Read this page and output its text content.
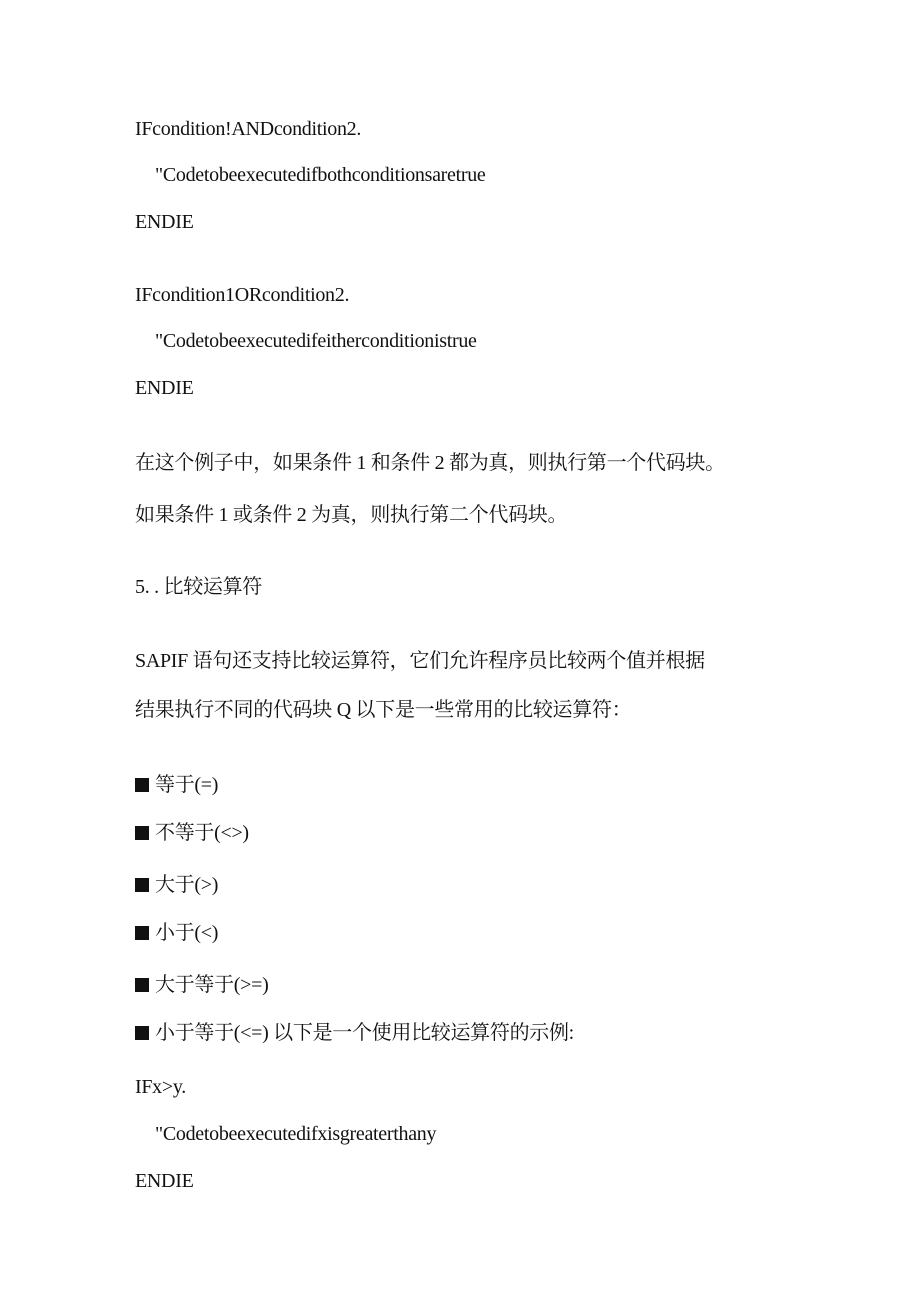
IFcondition!ANDcondition2.
"Codetobeexecutedifbothconditionsaretrue
ENDIE
IFcondition1ORcondition2.
"Codetobeexecutedifeitherconditionistrue
ENDIE
在这个例子中，如果条件 1 和条件 2 都为真，则执行第一个代码块。
如果条件 1 或条件 2 为真，则执行第二个代码块。
5. . 比较运算符
SAPIF 语句还支持比较运算符，它们允许程序员比较两个值并根据
结果执行不同的代码块 Q 以下是一些常用的比较运算符：
等于(=)
不等于(<>)
大于(>)
小于(<)
大于等于(>=)
小于等于(<=) 以下是一个使用比较运算符的示例:
IFx>y.
"Codetobeexecutedifxisgreaterthany
ENDIE
